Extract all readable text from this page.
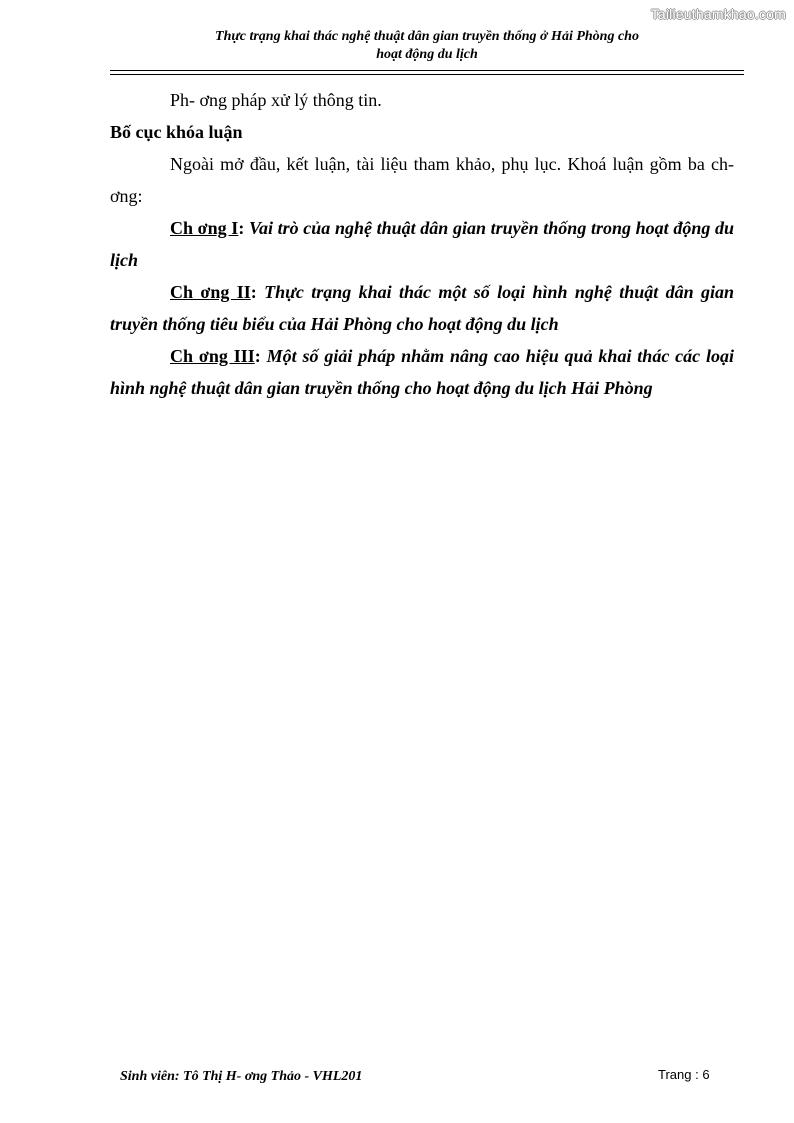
Tailieuthamkhao.com
Thực trạng khai thác nghệ thuật dân gian truyền thống ở Hải Phòng cho
hoạt động du lịch

Ph- ơng pháp xử lý thông tin.

Bố cục khóa luận

Ngoài mở đầu, kết luận, tài liệu tham khảo, phụ lục. Khoá luận gồm ba ch- ơng:

Ch ơng I: Vai trò của nghệ thuật dân gian truyền thống trong hoạt động du lịch

Ch ơng II: Thực trạng khai thác một số loại hình nghệ thuật dân gian truyền thống tiêu biểu của Hải Phòng cho hoạt động du lịch

Ch ơng III: Một số giải pháp nhằm nâng cao hiệu quả khai thác các loại hình nghệ thuật dân gian truyền thống cho hoạt động du lịch Hải Phòng

Sinh viên: Tô Thị H- ơng Thảo - VHL201	Trang : 6
